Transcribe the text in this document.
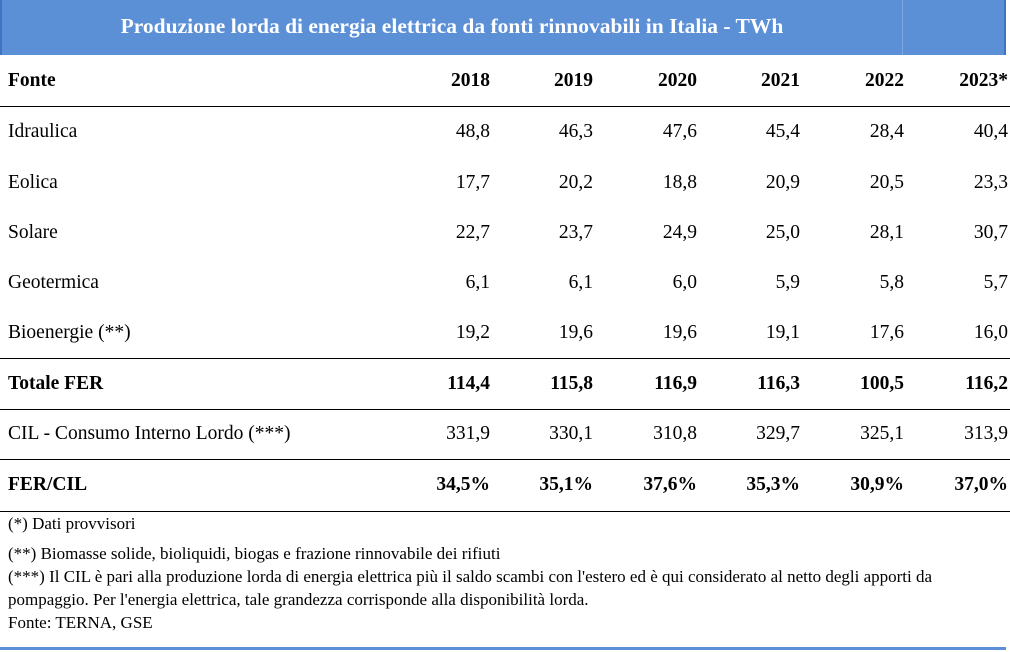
Produzione lorda di energia elettrica da fonti rinnovabili in Italia - TWh
Fonte	2018	2019	2020	2021	2022	2023*
Idraulica	48,8	46,3	47,6	45,4	28,4	40,4
Eolica	17,7	20,2	18,8	20,9	20,5	23,3
Solare	22,7	23,7	24,9	25,0	28,1	30,7
Geotermica	6,1	6,1	6,0	5,9	5,8	5,7
Bioenergie (**)	19,2	19,6	19,6	19,1	17,6	16,0
Totale FER	114,4	115,8	116,9	116,3	100,5	116,2
CIL - Consumo Interno Lordo (***)	331,9	330,1	310,8	329,7	325,1	313,9
FER/CIL	34,5%	35,1%	37,6%	35,3%	30,9%	37,0%

(*) Dati provvisori

(**) Biomasse solide, bioliquidi, biogas e frazione rinnovabile dei rifiuti

(***) Il CIL è pari alla produzione lorda di energia elettrica più il saldo scambi con l'estero ed è qui considerato al netto degli apporti da pompaggio. Per l'energia elettrica, tale grandezza corrisponde alla disponibilità lorda.

Fonte: TERNA, GSE
